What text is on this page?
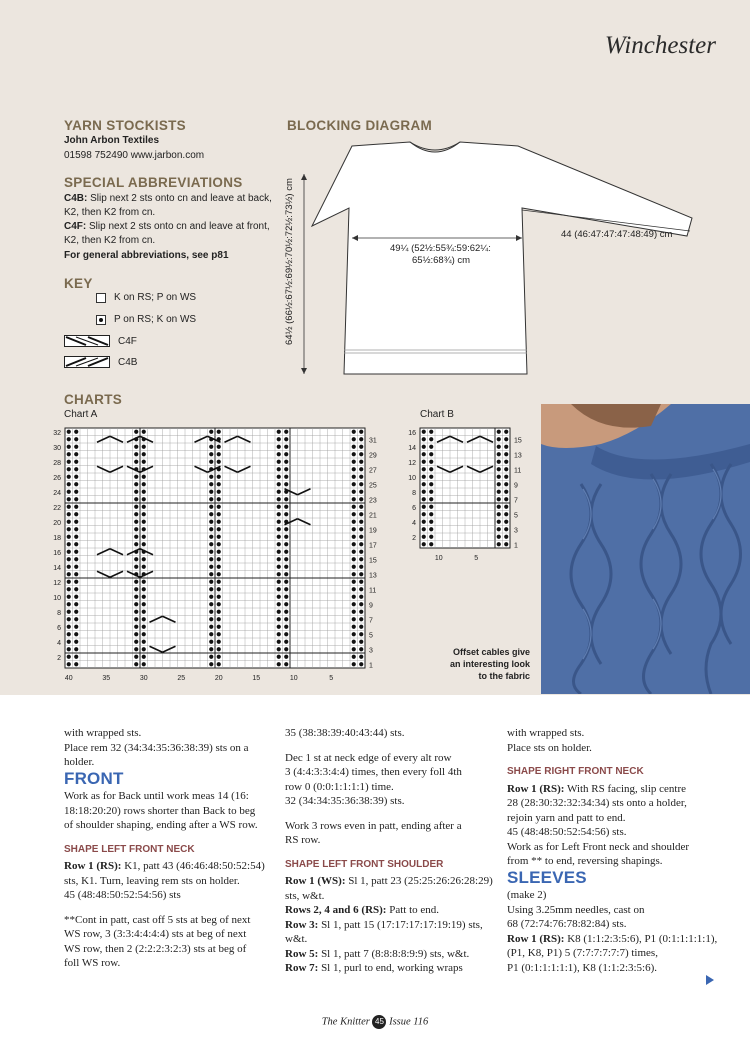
Winchester
YARN STOCKISTS
John Arbon Textiles
01598 752490 www.jarbon.com
SPECIAL ABBREVIATIONS
C4B: Slip next 2 sts onto cn and leave at back,
K2, then K2 from cn.
C4F: Slip next 2 sts onto cn and leave at front,
K2, then K2 from cn.
For general abbreviations, see p81
KEY
K on RS; P on WS
P on RS; K on WS
C4F
C4B
BLOCKING DIAGRAM
49¼ (52½:55¾:59:62¼:
65½:68¾) cm
44 (46:47:47:47:48:49) cm
64½ (66½:67½:69½:70½:72½:73½) cm
CHARTS
Chart A	Chart B
32
30
28
26
24
22
20
18
16
14
12
10
8
6
4
2
31
29
27
25
23
21
19
17
15
13
11
9
7
5
3
1
40	35	30	25	20	15	10	5
16
14
12
10
8
6
4
2
15
13
11
9
7
5
3
1
10	5
Offset cables give
an interesting look
to the fabric

with wrapped sts.

Place rem 32 (34:34:35:36:38:39) sts on a

holder.

FRONT

Work as for Back until work meas 14 (16:

18:18:20:20) rows shorter than Back to beg

of shoulder shaping, ending after a WS row.

SHAPE LEFT FRONT NECK

Row 1 (RS): K1, patt 43 (46:46:48:50:52:54)

sts, K1. Turn, leaving rem sts on holder.

45 (48:48:50:52:54:56) sts

**Cont in patt, cast off 5 sts at beg of next

WS row, 3 (3:3:4:4:4:4) sts at beg of next

WS row, then 2 (2:2:2:3:2:3) sts at beg of

foll WS row.

35 (38:38:39:40:43:44) sts.

Dec 1 st at neck edge of every alt row

3 (4:4:3:3:4:4) times, then every foll 4th

row 0 (0:0:1:1:1:1) time.

32 (34:34:35:36:38:39) sts.

Work 3 rows even in patt, ending after a

RS row.

SHAPE LEFT FRONT SHOULDER

Row 1 (WS): Sl 1, patt 23 (25:25:26:26:28:29)

sts, w&t.

Rows 2, 4 and 6 (RS): Patt to end.

Row 3: Sl 1, patt 15 (17:17:17:17:19:19) sts,

w&t.

Row 5: Sl 1, patt 7 (8:8:8:8:9:9) sts, w&t.

Row 7: Sl 1, purl to end, working wraps

with wrapped sts.

Place sts on holder.

SHAPE RIGHT FRONT NECK

Row 1 (RS): With RS facing, slip centre

28 (28:30:32:32:34:34) sts onto a holder,

rejoin yarn and patt to end.

45 (48:48:50:52:54:56) sts.

Work as for Left Front neck and shoulder

from ** to end, reversing shapings.

SLEEVES

(make 2)

Using 3.25mm needles, cast on

68 (72:74:76:78:82:84) sts.

Row 1 (RS): K8 (1:1:2:3:5:6), P1 (0:1:1:1:1:1),

(P1, K8, P1) 5 (7:7:7:7:7:7) times,

P1 (0:1:1:1:1:1), K8 (1:1:2:3:5:6).

The Knitter 45 Issue 116
